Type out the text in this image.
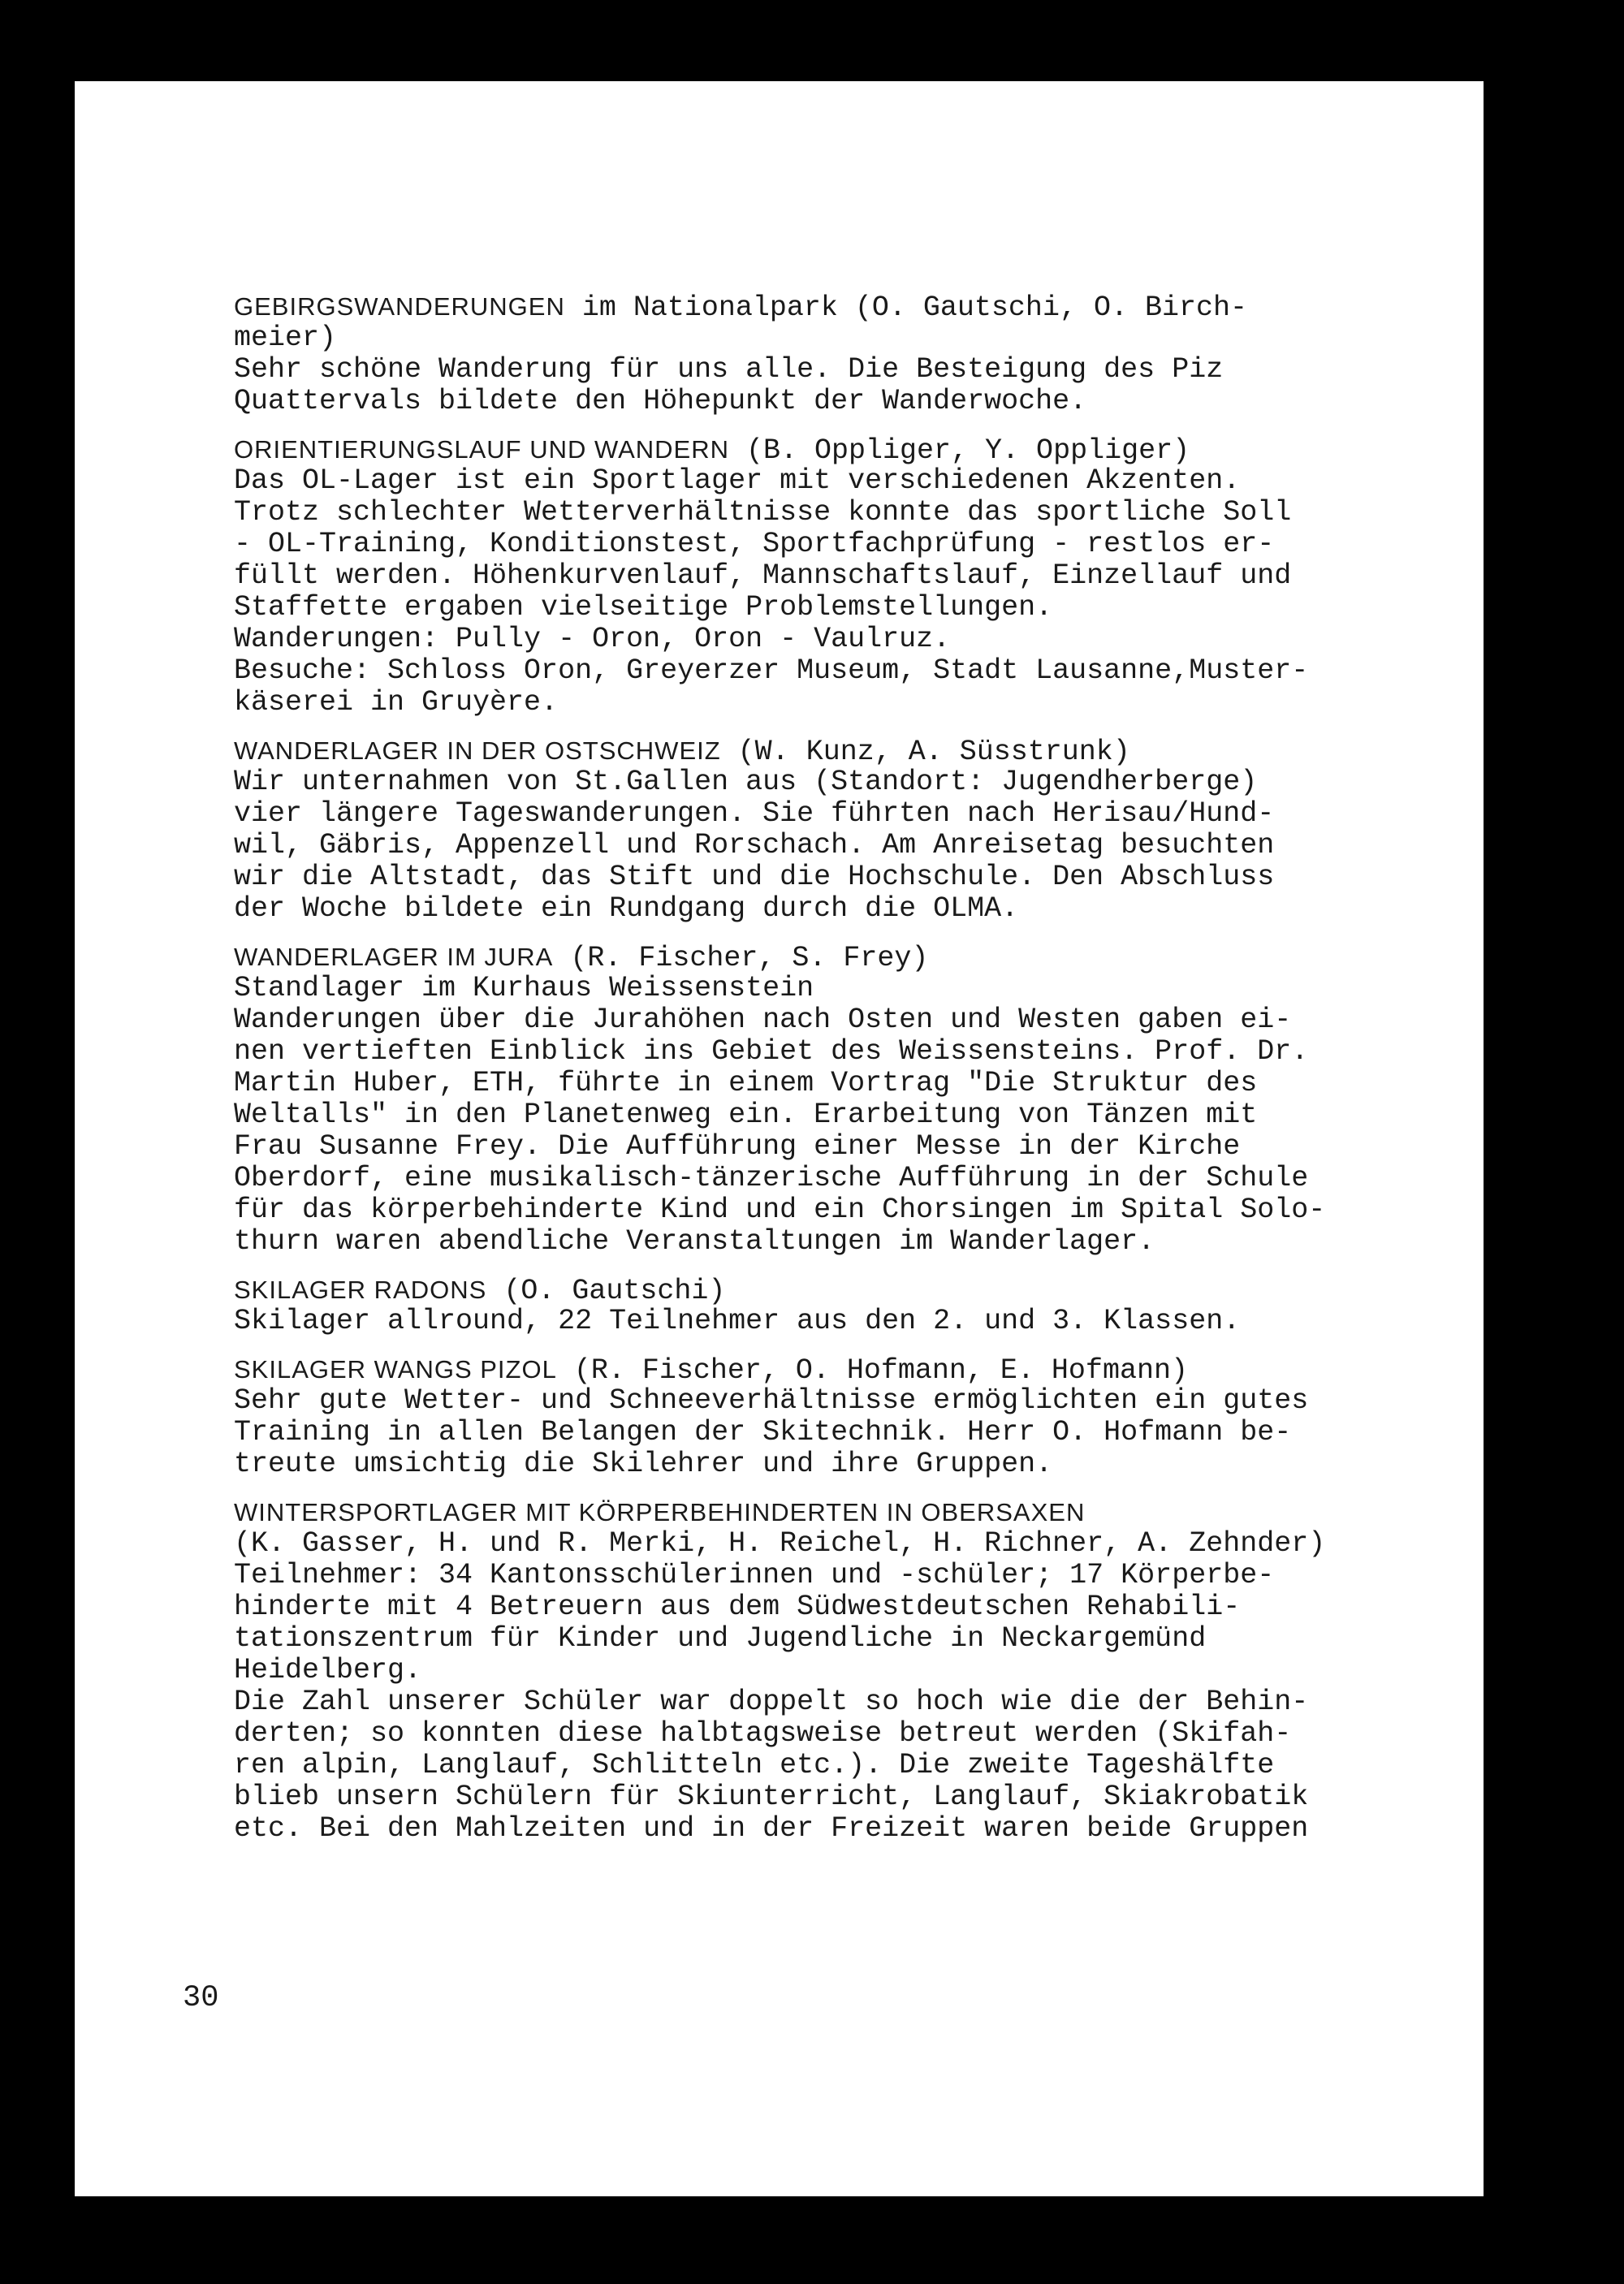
GEBIRGSWANDERUNGEN im Nationalpark (O. Gautschi, O. Birch-
meier)
Sehr schöne Wanderung für uns alle. Die Besteigung des Piz
Quattervals bildete den Höhepunkt der Wanderwoche.
ORIENTIERUNGSLAUF UND WANDERN (B. Oppliger, Y. Oppliger)
Das OL-Lager ist ein Sportlager mit verschiedenen Akzenten.
Trotz schlechter Wetterverhältnisse konnte das sportliche Soll
- OL-Training, Konditionstest, Sportfachprüfung - restlos er-
füllt werden. Höhenkurvenlauf, Mannschaftslauf, Einzellauf und
Staffette ergaben vielseitige Problemstellungen.
Wanderungen: Pully - Oron, Oron - Vaulruz.
Besuche: Schloss Oron, Greyerzer Museum, Stadt Lausanne,Muster-
käserei in Gruyère.
WANDERLAGER IN DER OSTSCHWEIZ (W. Kunz, A. Süsstrunk)
Wir unternahmen von St.Gallen aus (Standort: Jugendherberge)
vier längere Tageswanderungen. Sie führten nach Herisau/Hund-
wil, Gäbris, Appenzell und Rorschach. Am Anreisetag besuchten
wir die Altstadt, das Stift und die Hochschule. Den Abschluss
der Woche bildete ein Rundgang durch die OLMA.
WANDERLAGER IM JURA (R. Fischer, S. Frey)
Standlager im Kurhaus Weissenstein
Wanderungen über die Jurahöhen nach Osten und Westen gaben ei-
nen vertieften Einblick ins Gebiet des Weissensteins. Prof. Dr.
Martin Huber, ETH, führte in einem Vortrag "Die Struktur des
Weltalls" in den Planetenweg ein. Erarbeitung von Tänzen mit
Frau Susanne Frey. Die Aufführung einer Messe in der Kirche
Oberdorf, eine musikalisch-tänzerische Aufführung in der Schule
für das körperbehinderte Kind und ein Chorsingen im Spital Solo-
thurn waren abendliche Veranstaltungen im Wanderlager.
SKILAGER RADONS (O. Gautschi)
Skilager allround, 22 Teilnehmer aus den 2. und 3. Klassen.
SKILAGER WANGS PIZOL (R. Fischer, O. Hofmann, E. Hofmann)
Sehr gute Wetter- und Schneeverhältnisse ermöglichten ein gutes
Training in allen Belangen der Skitechnik. Herr O. Hofmann be-
treute umsichtig die Skilehrer und ihre Gruppen.
WINTERSPORTLAGER MIT KÖRPERBEHINDERTEN IN OBERSAXEN
(K. Gasser, H. und R. Merki, H. Reichel, H. Richner, A. Zehnder)
Teilnehmer: 34 Kantonsschülerinnen und -schüler; 17 Körperbe-
hinderte mit 4 Betreuern aus dem Südwestdeutschen Rehabili-
tationszentrum für Kinder und Jugendliche in Neckargemünd
Heidelberg.
Die Zahl unserer Schüler war doppelt so hoch wie die der Behin-
derten; so konnten diese halbtagsweise betreut werden (Skifah-
ren alpin, Langlauf, Schlitteln etc.). Die zweite Tageshälfte
blieb unsern Schülern für Skiunterricht, Langlauf, Skiakrobatik
etc. Bei den Mahlzeiten und in der Freizeit waren beide Gruppen
30
